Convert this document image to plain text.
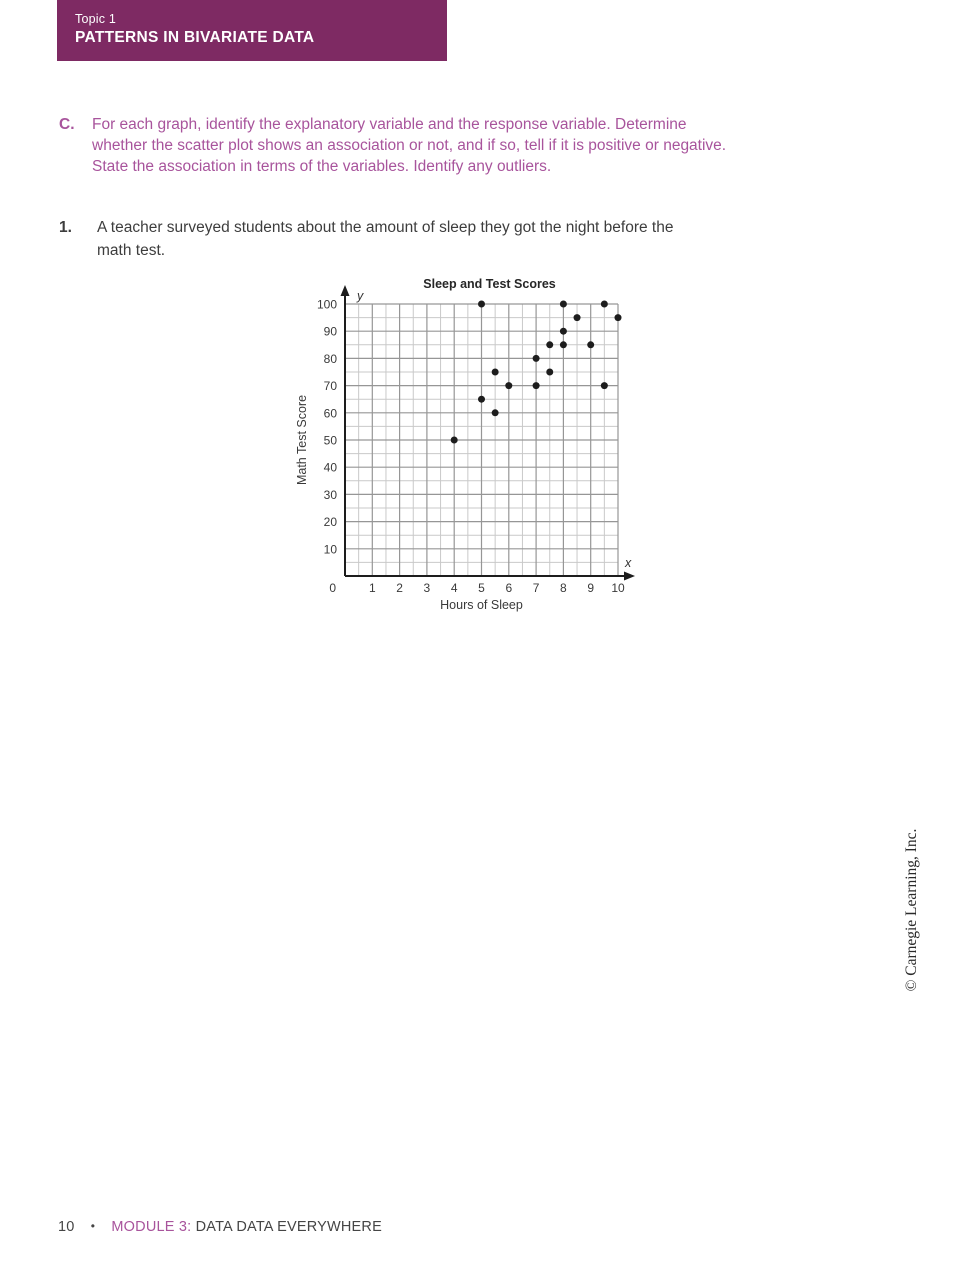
Topic 1
PATTERNS IN BIVARIATE DATA
C.	For each graph, identify the explanatory variable and the response variable. Determine
whether the scatter plot shows an association or not, and if so, tell if it is positive or negative.
State the association in terms of the variables. Identify any outliers.
1.	A teacher surveyed students about the amount of sleep they got the night before the
math test.
Sleep and Test Scores
y
x
1 2 3 4 5 6 7 8 9 10
10
20
30
40
50
60
70
80
90
100
0
Hours of Sleep
Math Test Score
© Carnegie Learning, Inc.
10 • MODULE 3: DATA DATA EVERYWHERE
